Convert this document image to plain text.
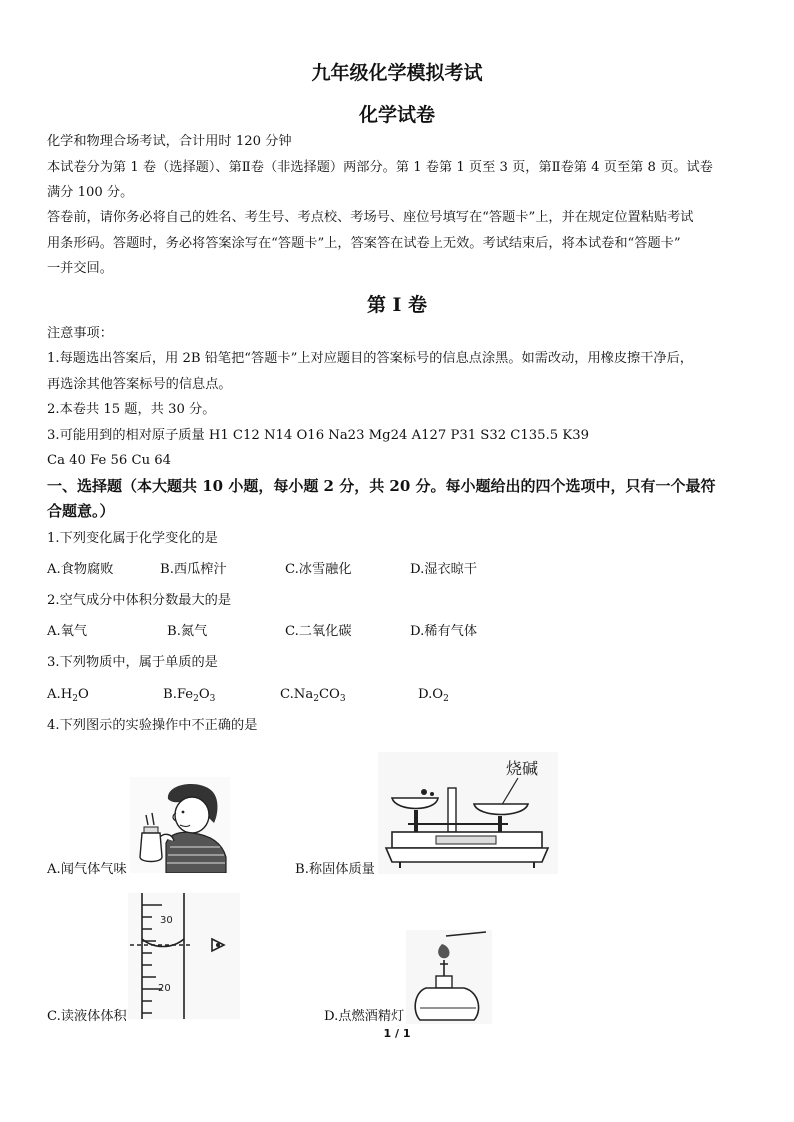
九年级化学模拟考试
化学试卷
化学和物理合场考试，合计用时 120 分钟
本试卷分为第 1 卷（选择题）、第Ⅱ卷（非选择题）两部分。第 1 卷第 1 页至 3 页，第Ⅱ卷第 4 页至第 8 页。试卷
满分 100 分。
答卷前，请你务必将自己的姓名、考生号、考点校、考场号、座位号填写在“答题卡”上，并在规定位置粘贴考试
用条形码。答题时，务必将答案涂写在“答题卡”上，答案答在试卷上无效。考试结束后，将本试卷和“答题卡”
一并交回。
第 I 卷
注意事项：
1.每题选出答案后，用 2B 铅笔把“答题卡”上对应题目的答案标号的信息点涂黑。如需改动，用橡皮擦干净后，
再选涂其他答案标号的信息点。
2.本卷共 15 题，共 30 分。
3.可能用到的相对原子质量 H1 C12 N14 O16 Na23 Mg24 A127 P31 S32 C135.5 K39
Ca 40 Fe 56 Cu 64
一、选择题（本大题共 10 小题，每小题 2 分，共 20 分。每小题给出的四个选项中，只有一个最符
合题意。）
1.下列变化属于化学变化的是
A.食物腐败	B.西瓜榨汁	C.冰雪融化	D.湿衣晾干
2.空气成分中体积分数最大的是
A.氧气	B.氮气	C.二氧化碳	D.稀有气体
3.下列物质中，属于单质的是
$A.H_2O$	$B.Fe_2O_3$	$C.Na_2CO_3$	$D.O_2$
4.下列图示的实验操作中不正确的是
A.闻气体气味
烧碱
B.称固体质量
30
20
C.读液体体积	D.点燃酒精灯
1 / 1
